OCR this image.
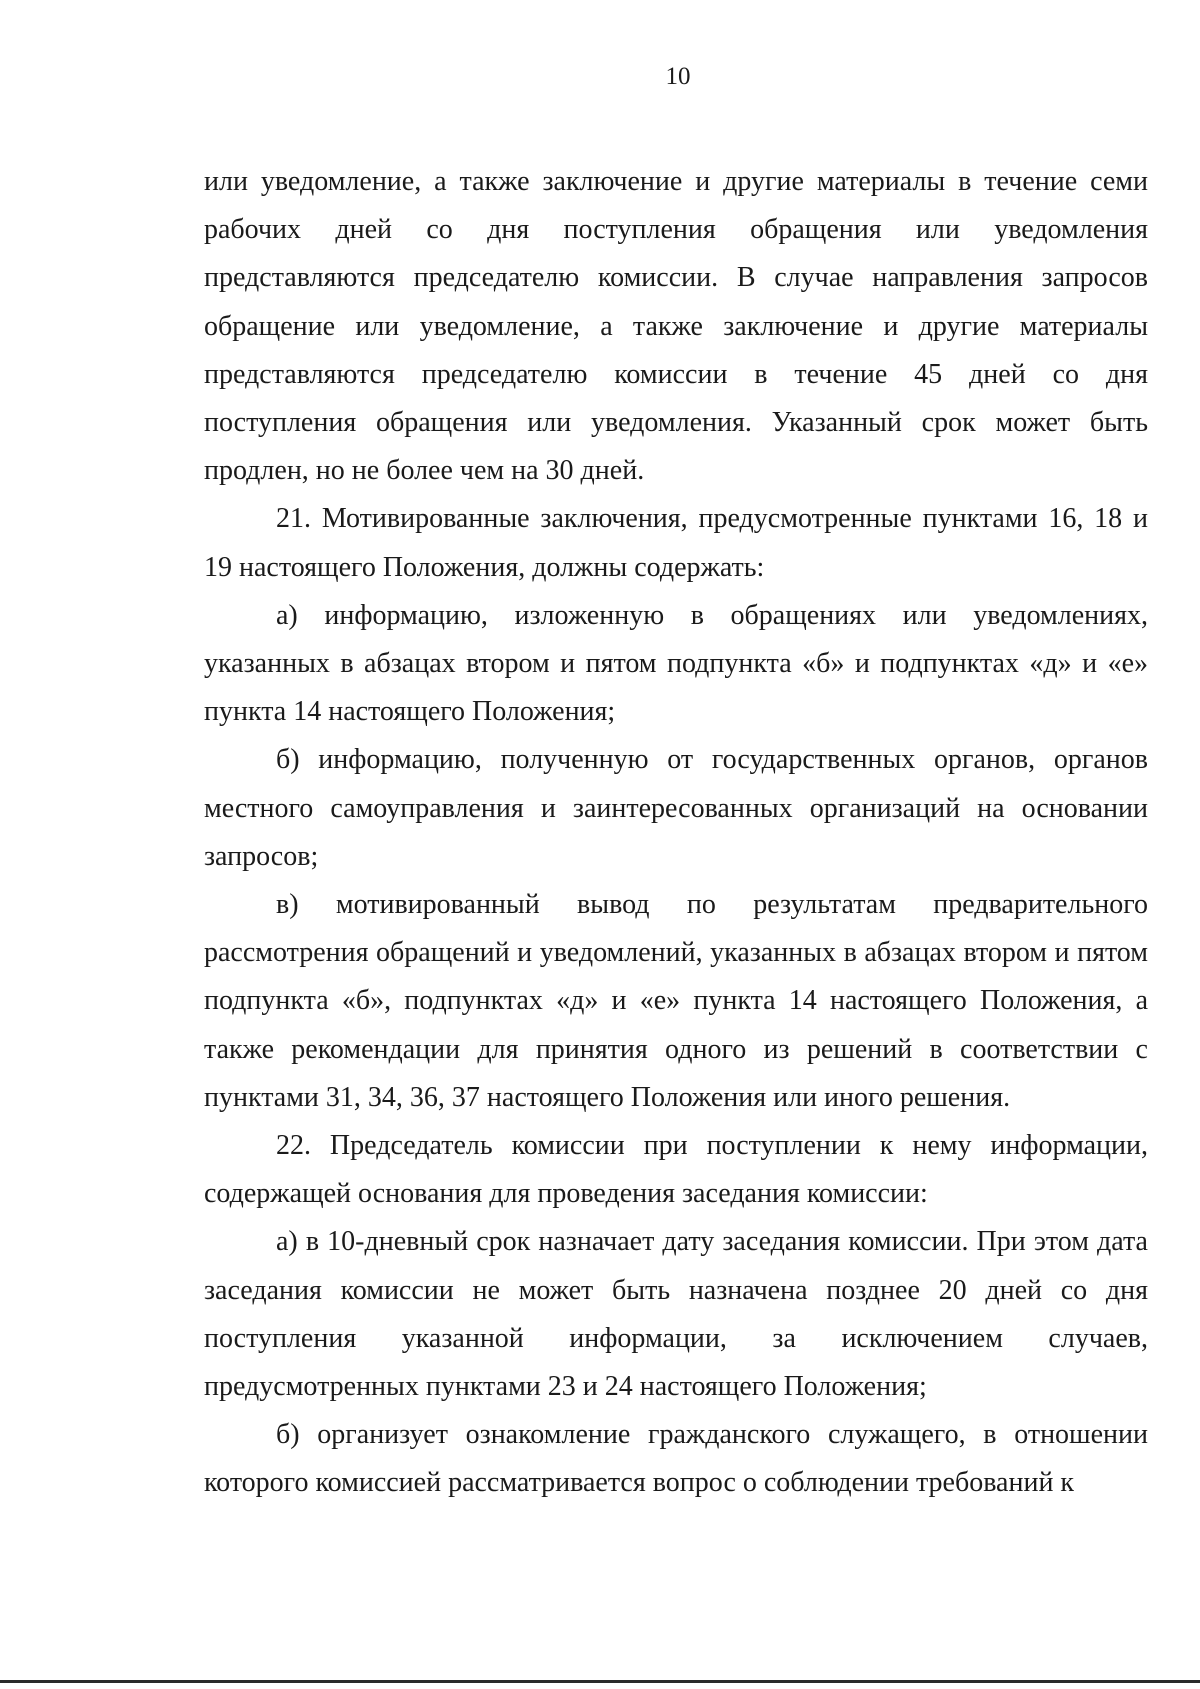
10

или уведомление, а также заключение и другие материалы в течение семи рабочих дней со дня поступления обращения или уведомления представляются председателю комиссии. В случае направления запросов обращение или уведомление, а также заключение и другие материалы представляются председателю комиссии в течение 45 дней со дня поступления обращения или уведомления. Указанный срок может быть продлен, но не более чем на 30 дней.

21. Мотивированные заключения, предусмотренные пунктами 16, 18 и 19 настоящего Положения, должны содержать:

а) информацию, изложенную в обращениях или уведомлениях, указанных в абзацах втором и пятом подпункта «б» и подпунктах «д» и «е» пункта 14 настоящего Положения;

б) информацию, полученную от государственных органов, органов местного самоуправления и заинтересованных организаций на основании запросов;

в) мотивированный вывод по результатам предварительного рассмотрения обращений и уведомлений, указанных в абзацах втором и пятом подпункта «б», подпунктах «д» и «е» пункта 14 настоящего Положения, а также рекомендации для принятия одного из решений в соответствии с пунктами 31, 34, 36, 37 настоящего Положения или иного решения.

22. Председатель комиссии при поступлении к нему информации, содержащей основания для проведения заседания комиссии:

а) в 10-дневный срок назначает дату заседания комиссии. При этом дата заседания комиссии не может быть назначена позднее 20 дней со дня поступления указанной информации, за исключением случаев, предусмотренных пунктами 23 и 24 настоящего Положения;

б) организует ознакомление гражданского служащего, в отношении которого комиссией рассматривается вопрос о соблюдении требований к
